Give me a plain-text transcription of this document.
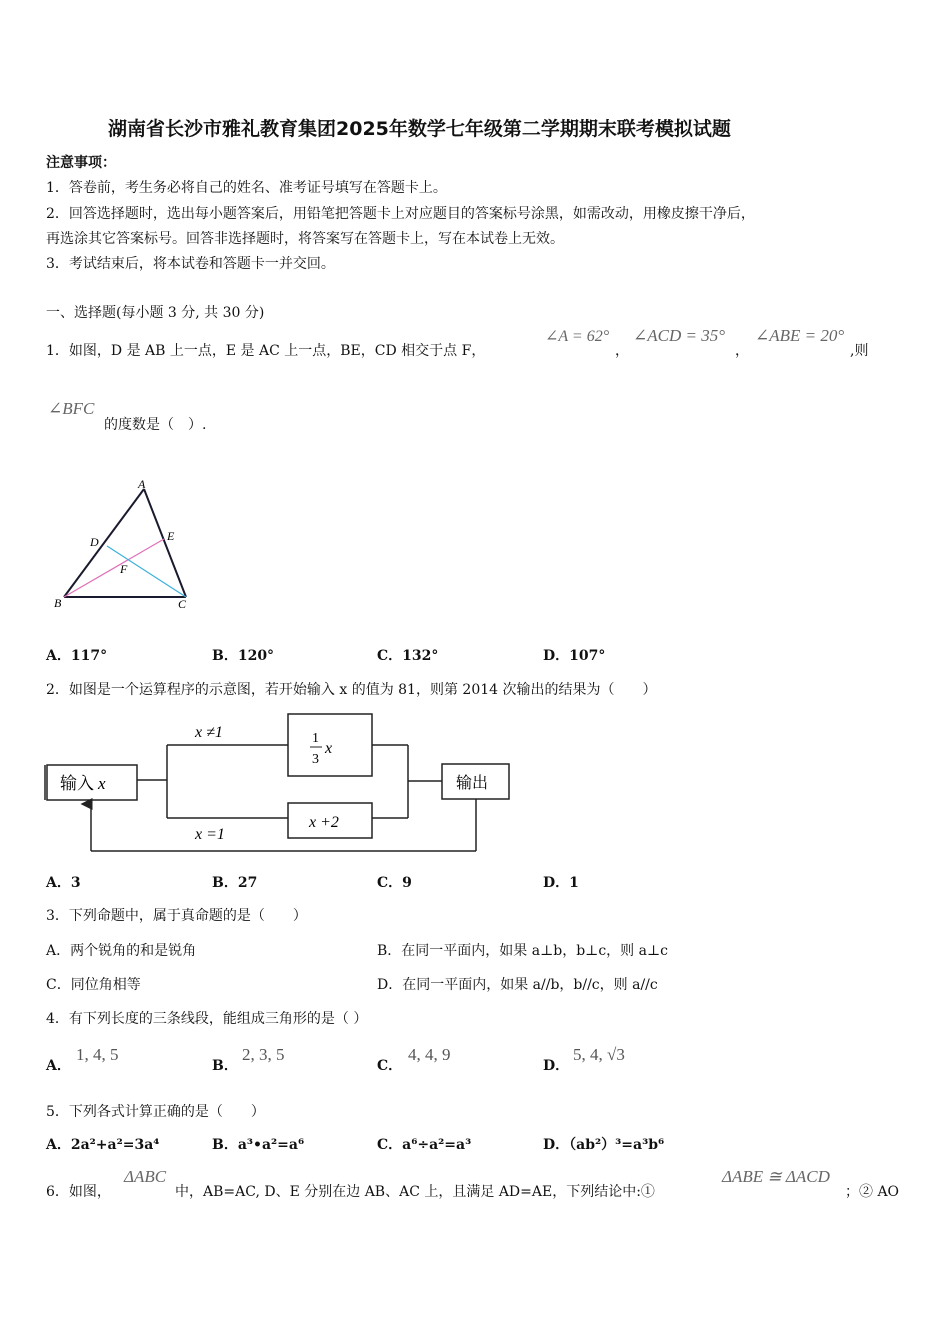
湖南省长沙市雅礼教育集团2025年数学七年级第二学期期末联考模拟试题
注意事项：
1．答卷前，考生务必将自己的姓名、准考证号填写在答题卡上。
2．回答选择题时，选出每小题答案后，用铅笔把答题卡上对应题目的答案标号涂黑，如需改动，用橡皮擦干净后，
再选涂其它答案标号。回答非选择题时，将答案写在答题卡上，写在本试卷上无效。
3．考试结束后，将本试卷和答题卡一并交回。
一、选择题(每小题 3 分, 共 30 分)
1．如图，D 是 AB 上一点，E 是 AC 上一点，BE，CD 相交于点 F，
∠A = 62°
，
∠ACD = 35°
，
∠ABE = 20°
,则
∠BFC
的度数是（　）.
A
B	C
D	E
F
A．117°	B．120°	C．132°	D．107°
2．如图是一个运算程序的示意图，若开始输入 x 的值为 81，则第 2014 次输出的结果为（　　）
输入 x
1
3
x
x +2
输出
x ≠1
x =1
A．3	B．27	C．9	D．1
3．下列命题中，属于真命题的是（　　）
A．两个锐角的和是锐角	B．在同一平面内，如果 a⊥b，b⊥c，则 a⊥c
C．同位角相等	D．在同一平面内，如果 a//b，b//c，则 a//c
4．有下列长度的三条线段，能组成三角形的是（ ）
A．
1, 4, 5
B．
2, 3, 5
C．
4, 4, 9
D．
5, 4, √3
5．下列各式计算正确的是（　　）
A．2a²+a²=3a⁴	B．a³•a²=a⁶	C．a⁶÷a²=a³	D．（ab²）³=a³b⁶
6．如图，
ΔABC
中，AB=AC, D、E 分别在边 AB、AC 上，且满足 AD=AE，下列结论中:①
ΔABE ≅ ΔACD
；② AO
